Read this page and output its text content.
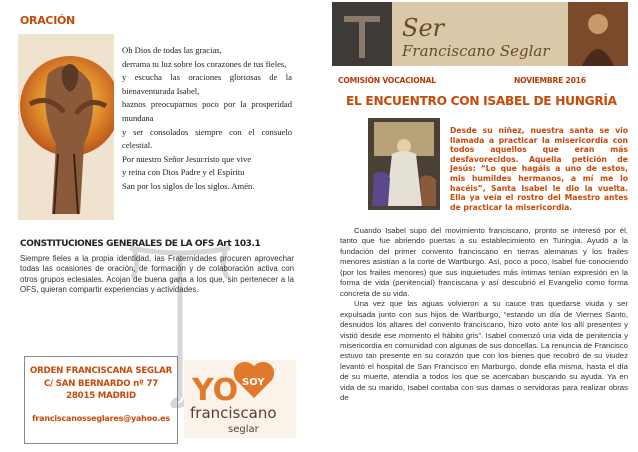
ORACIÓN
Oh Dios de todas las gracias,
derrama tu luz sobre los corazones de tus fieles,
y escucha las oraciones gloriosas de la bienaventurada Isabel,
haznos preocuparnos poco por la prosperidad mundana
y ser consolados siempre con el consuelo celestial.
Por nuestro Señor Jesucristo que vive
y reina con Dios Padre y el Espíritu
San por los siglos de los siglos. Amén.
CONSTITUCIONES GENERALES DE LA OFS Art 103.1
Siempre fieles a la propia identidad, las Fraternidades procuren aprovechar todas las ocasiones de oración, de formación y de colaboración activa con otros grupos eclesiales. Acojan de buena gana a los que, sin pertenecer a la OFS, quieran compartir experiencias y actividades.
ORDEN FRANCISCANA SEGLAR
C/ SAN BERNARDO nº 77
28015 MADRID
franciscanosseglares@yahoo.es
YO SOY
franciscano
seglar
Ser
Franciscano Seglar
COMISIÓN VOCACIONAL	NOVIEMBRE 2016
EL ENCUENTRO CON ISABEL DE HUNGRÍA
Desde su niñez, nuestra santa se vio llamada a practicar la misericordia con todos aquellos que eran más desfavorecidos. Aquella petición de Jesús: “Lo que hagáis a uno de estos, mis humildes hermanos, a mí me lo hacéis”, Santa Isabel le dio la vuelta. Ella ya veía el rostro del Maestro antes de practicar la misericordia.

Cuando Isabel supo del movimiento franciscano, pronto se interesó por él, tanto que fue abriendo puertas a su establecimiento en Turingia. Ayudó a la fundación del primer convento franciscano en tierras alemanas y los frailes menores asistían a la corte de Wartburgo. Así, poco a poco, Isabel fue conociendo (por los frailes menores) que sus inquietudes más íntimas tenían expresión en la forma de vida (penitencial) franciscana y así descubrió el Evangelio como forma concreta de su vida.

Una vez que las aguas volvieron a su cauce tras quedarse viuda y ser expulsada junto con sus hijos de Wartburgo, “estando un día de Viernes Santo, desnudos los altares del convento franciscano, hizo voto ante los allí presentes y vistió desde ese momento el hábito gris”. Isabel comenzó una vida de penitencia y misericordia en comunidad con algunas de sus doncellas. La renuncia de Francisco estuvo tan presente en su corazón que con los bienes que recobró de su viudez levantó el hospital de San Francisco en Marburgo, donde ella misma, hasta el día de su muerte, atendía a todos los que se acercaban buscando su ayuda. Ya en vida de su marido, Isabel contaba con sus damas o servidoras para realizar obras de
